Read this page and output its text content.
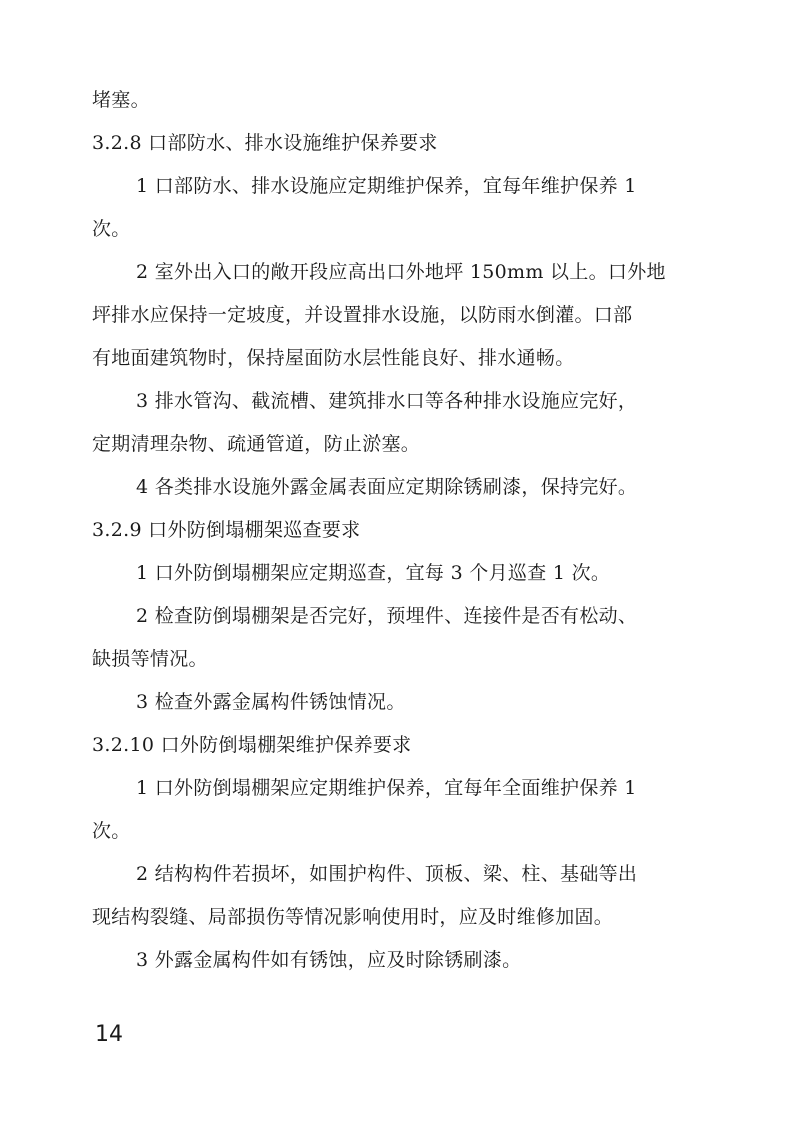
堵塞。
3.2.8 口部防水、排水设施维护保养要求
1 口部防水、排水设施应定期维护保养，宜每年维护保养 1
次。
2 室外出入口的敞开段应高出口外地坪 150mm 以上。口外地
坪排水应保持一定坡度，并设置排水设施，以防雨水倒灌。口部
有地面建筑物时，保持屋面防水层性能良好、排水通畅。
3 排水管沟、截流槽、建筑排水口等各种排水设施应完好，
定期清理杂物、疏通管道，防止淤塞。
4 各类排水设施外露金属表面应定期除锈刷漆，保持完好。
3.2.9 口外防倒塌棚架巡查要求
1 口外防倒塌棚架应定期巡查，宜每 3 个月巡查 1 次。
2 检查防倒塌棚架是否完好，预埋件、连接件是否有松动、
缺损等情况。
3 检查外露金属构件锈蚀情况。
3.2.10 口外防倒塌棚架维护保养要求
1 口外防倒塌棚架应定期维护保养，宜每年全面维护保养 1
次。
2 结构构件若损坏，如围护构件、顶板、梁、柱、基础等出
现结构裂缝、局部损伤等情况影响使用时，应及时维修加固。
3 外露金属构件如有锈蚀，应及时除锈刷漆。
14
